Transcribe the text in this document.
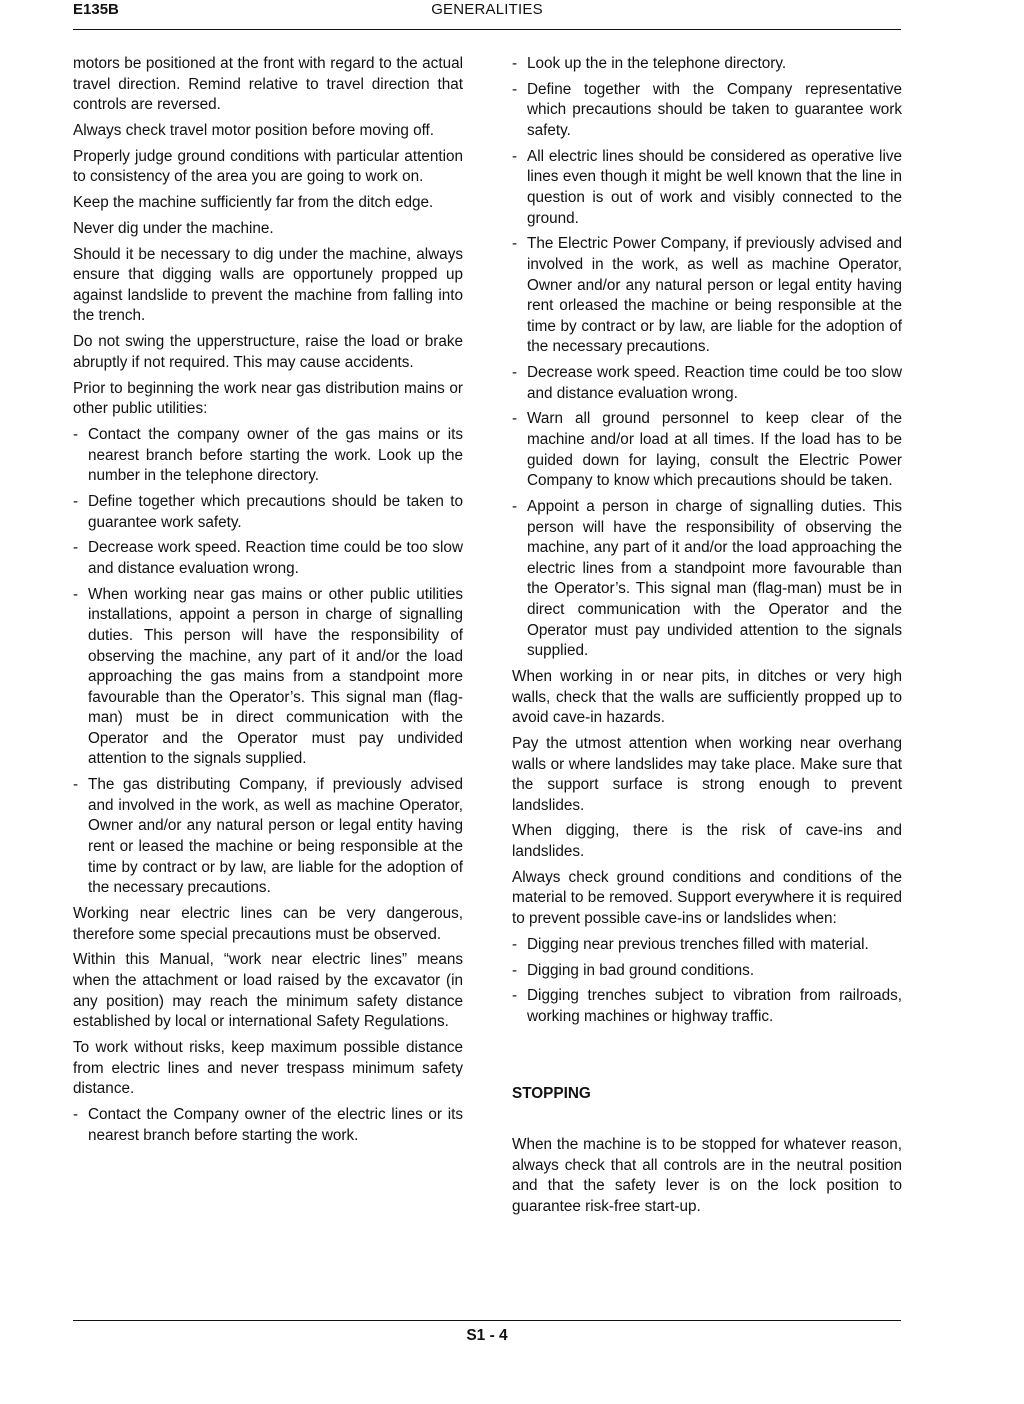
E135B	GENERALITIES

motors be positioned at the front with regard to the actual travel direction. Remind relative to travel direction that controls are reversed.

Always check travel motor position before moving off.

Properly judge ground conditions with particular attention to consistency of the area you are going to work on.

Keep the machine sufficiently far from the ditch edge.

Never dig under the machine.

Should it be necessary to dig under the machine, always ensure that digging walls are opportunely propped up against landslide to prevent the machine from falling into the trench.

Do not swing the upperstructure, raise the load or brake abruptly if not required. This may cause accidents.

Prior to beginning the work near gas distribution mains or other public utilities:

- Contact the company owner of the gas mains or its nearest branch before starting the work. Look up the number in the telephone directory.
- Define together which precautions should be taken to guarantee work safety.
- Decrease work speed. Reaction time could be too slow and distance evaluation wrong.
- When working near gas mains or other public utilities installations, appoint a person in charge of signalling duties. This person will have the responsibility of observing the machine, any part of it and/or the load approaching the gas mains from a standpoint more favourable than the Operator’s. This signal man (flag-man) must be in direct communication with the Operator and the Operator must pay undivided attention to the signals supplied.
- The gas distributing Company, if previously advised and involved in the work, as well as machine Operator, Owner and/or any natural person or legal entity having rent or leased the machine or being responsible at the time by contract or by law, are liable for the adoption of the necessary precautions.

Working near electric lines can be very dangerous, therefore some special precautions must be observed.

Within this Manual, “work near electric lines” means when the attachment or load raised by the excavator (in any position) may reach the minimum safety distance established by local or international Safety Regulations.

To work without risks, keep maximum possible distance from electric lines and never trespass minimum safety distance.

- Contact the Company owner of the electric lines or its nearest branch before starting the work.
- Look up the in the telephone directory.
- Define together with the Company representative which precautions should be taken to guarantee work safety.
- All electric lines should be considered as operative live lines even though it might be well known that the line in question is out of work and visibly connected to the ground.
- The Electric Power Company, if previously advised and involved in the work, as well as machine Operator, Owner and/or any natural person or legal entity having rent orleased the machine or being responsible at the time by contract or by law, are liable for the adoption of the necessary precautions.
- Decrease work speed. Reaction time could be too slow and distance evaluation wrong.
- Warn all ground personnel to keep clear of the machine and/or load at all times. If the load has to be guided down for laying, consult the Electric Power Company to know which precautions should be taken.
- Appoint a person in charge of signalling duties. This person will have the responsibility of observing the machine, any part of it and/or the load approaching the electric lines from a standpoint more favourable than the Operator’s. This signal man (flag-man) must be in direct communication with the Operator and the Operator must pay undivided attention to the signals supplied.

When working in or near pits, in ditches or very high walls, check that the walls are sufficiently propped up to avoid cave-in hazards.

Pay the utmost attention when working near overhang walls or where landslides may take place. Make sure that the support surface is strong enough to prevent landslides.

When digging, there is the risk of cave-ins and landslides.

Always check ground conditions and conditions of the material to be removed. Support everywhere it is required to prevent possible cave-ins or landslides when:

- Digging near previous trenches filled with material.
- Digging in bad ground conditions.
- Digging trenches subject to vibration from railroads, working machines or highway traffic.
STOPPING

When the machine is to be stopped for whatever reason, always check that all controls are in the neutral position and that the safety lever is on the lock position to guarantee risk-free start-up.

S1 - 4
